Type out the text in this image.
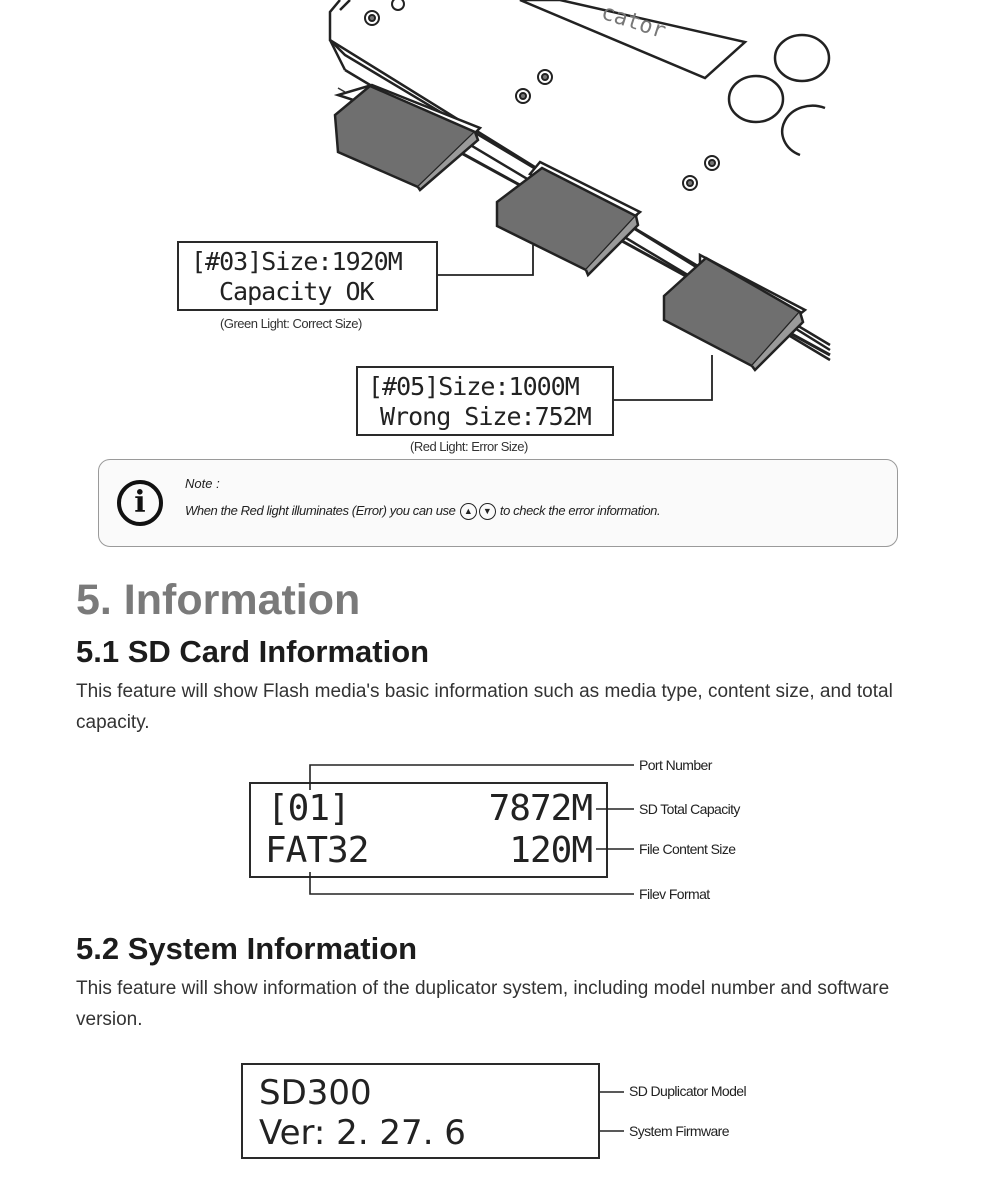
cator
[#03]Size:1920M
Capacity OK
(Green Light: Correct Size)
[#05]Size:1000M
Wrong Size:752M
(Red Light: Error Size)
i
Note :
When the Red light illuminates (Error) you can use ▲ ▼ to check the error information.
5. Information
5.1 SD Card Information
This feature will show Flash media's basic information such as media type, content size, and total capacity.
[01]	7872M
FAT32	120M
Port Number
SD Total Capacity
File Content Size
Filev Format
5.2 System Information
This feature will show information of the duplicator system, including model number and software version.
SD300
Ver: 2. 27. 6
SD Duplicator Model
System Firmware
